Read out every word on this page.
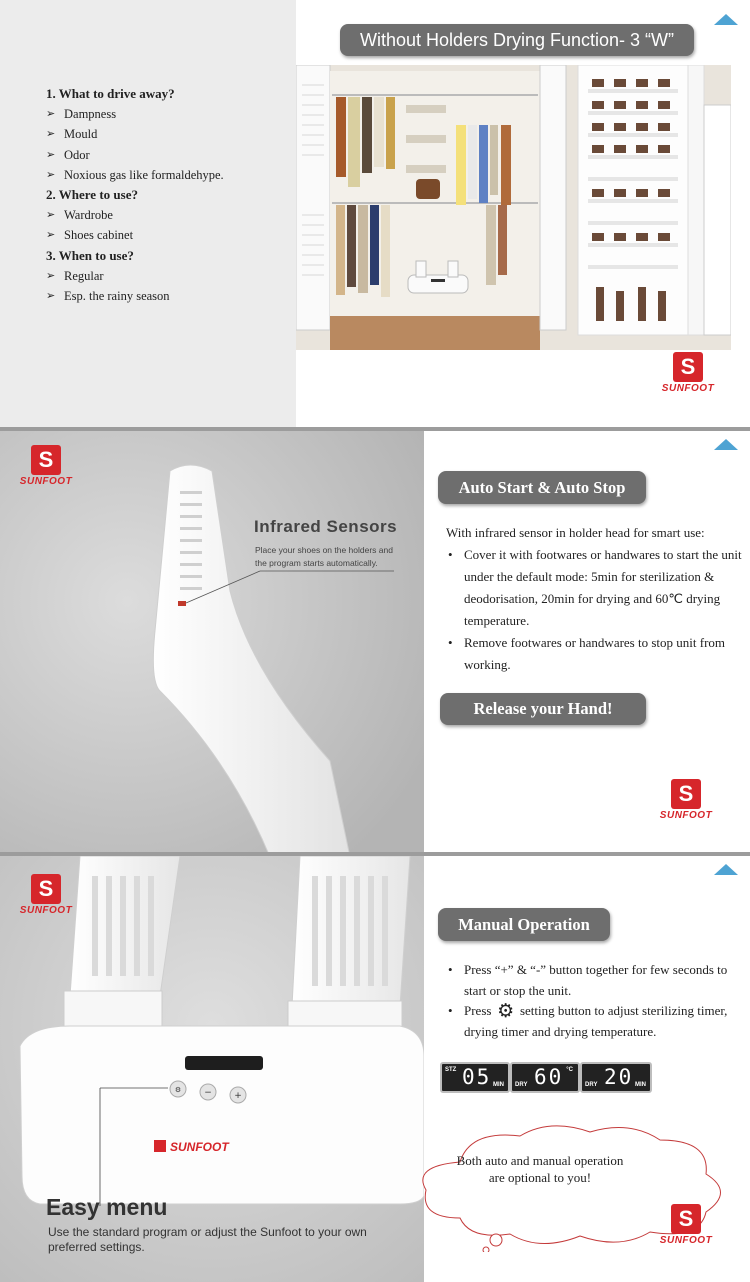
1. What to drive away?
➢ Dampness
➢ Mould
➢ Odor
➢ Noxious gas like formaldehype.
2. Where to use?
➢ Wardrobe
➢ Shoes cabinet
3. When to use?
➢ Regular
➢ Esp. the rainy season
Without Holders Drying Function- 3 “W”
S
SUNFOOT
S
SUNFOOT
Infrared Sensors
Place your shoes on the holders and
the program starts automatically.
Auto Start & Auto Stop
With infrared sensor in holder head for smart use:
• Cover it with footwares or handwares to start the unit under the default mode: 5min for sterilization & deodorisation, 20min for drying and 60℃ drying temperature.
• Remove footwares or handwares to stop unit from working.
Release your Hand!
S
SUNFOOT
⚙	− +
SUNFOOT
S
SUNFOOT
Easy menu
Use the standard program or adjust the Sunfoot to your own
preferred settings.
Manual Operation
• Press “+” & “-” button together for few seconds to start or stop the unit.
• Press ⚙ setting button to adjust sterilizing timer, drying timer and drying temperature.
STZ 05 MIN DRY 60 °C
DRY 20 MIN
Both auto and manual operation
are optional to you!
S
SUNFOOT
